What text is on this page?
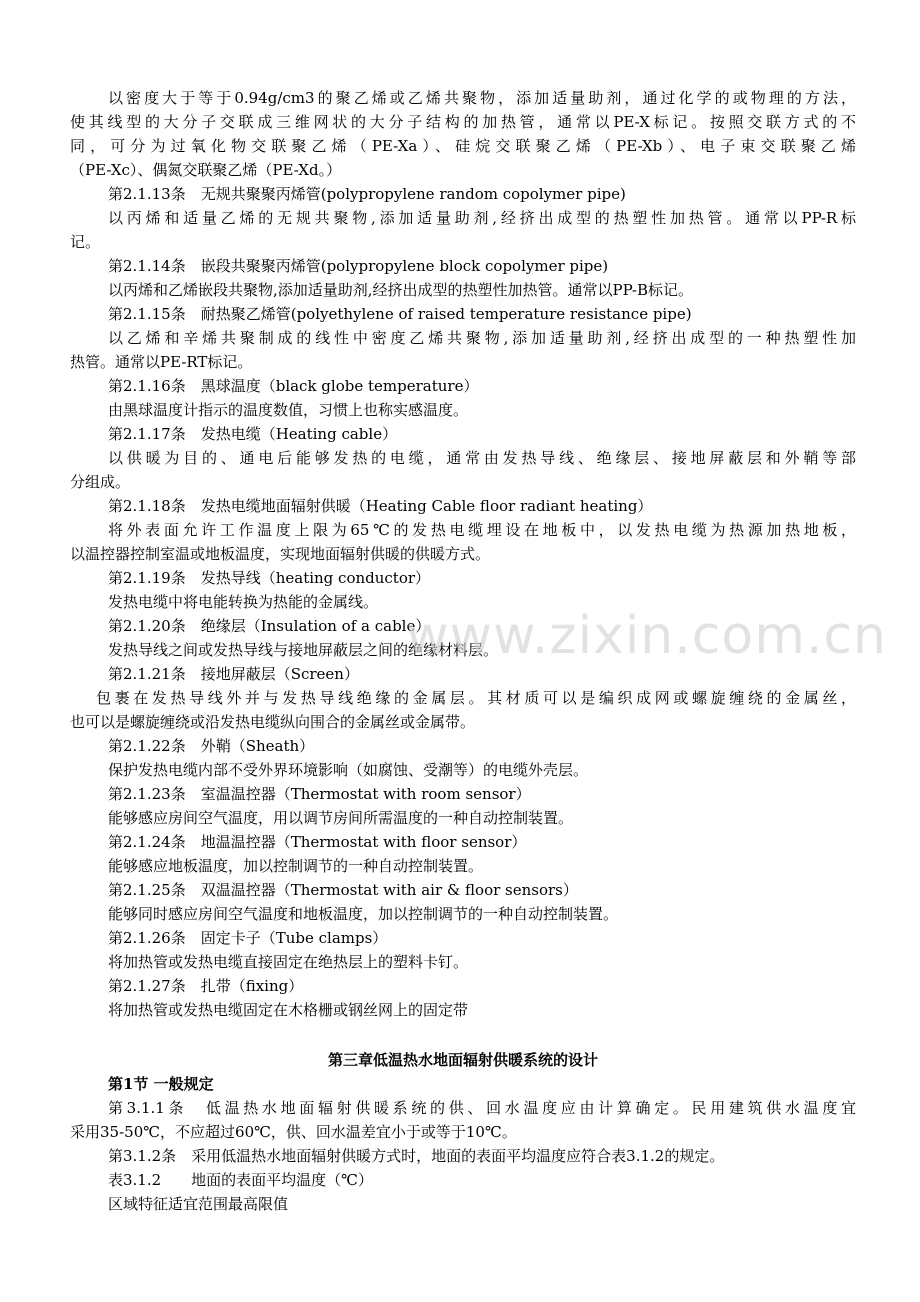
以密度大于等于0.94g/cm3的聚乙烯或乙烯共聚物，添加适量助剂，通过化学的或物理的方法，
使其线型的大分子交联成三维网状的大分子结构的加热管，通常以PE-X标记。按照交联方式的不
同，可分为过氧化物交联聚乙烯（PE-Xa）、硅烷交联聚乙烯（PE-Xb）、电子束交联聚乙烯
（PE-Xc）、偶氮交联聚乙烯（PE-Xd。）
第2.1.13条　无规共聚聚丙烯管(polypropylene random copolymer pipe)
以丙烯和适量乙烯的无规共聚物,添加适量助剂,经挤出成型的热塑性加热管。通常以PP-R标
记。
第2.1.14条　嵌段共聚聚丙烯管(polypropylene block copolymer pipe)
以丙烯和乙烯嵌段共聚物,添加适量助剂,经挤出成型的热塑性加热管。通常以PP-B标记。
第2.1.15条　耐热聚乙烯管(polyethylene of raised temperature resistance pipe)
以乙烯和辛烯共聚制成的线性中密度乙烯共聚物,添加适量助剂,经挤出成型的一种热塑性加
热管。通常以PE-RT标记。
第2.1.16条　黑球温度（black globe temperature）
由黑球温度计指示的温度数值，习惯上也称实感温度。
第2.1.17条　发热电缆（Heating cable）
以供暖为目的、通电后能够发热的电缆，通常由发热导线、绝缘层、接地屏蔽层和外鞘等部
分组成。
第2.1.18条　发热电缆地面辐射供暖（Heating Cable floor radiant heating）
将外表面允许工作温度上限为65℃的发热电缆埋设在地板中，以发热电缆为热源加热地板，
以温控器控制室温或地板温度，实现地面辐射供暖的供暖方式。
第2.1.19条　发热导线（heating conductor）
发热电缆中将电能转换为热能的金属线。
第2.1.20条　绝缘层（Insulation of a cable）
发热导线之间或发热导线与接地屏蔽层之间的绝缘材料层。
第2.1.21条　接地屏蔽层（Screen）
包裹在发热导线外并与发热导线绝缘的金属层。其材质可以是编织成网或螺旋缠绕的金属丝，
也可以是螺旋缠绕或沿发热电缆纵向围合的金属丝或金属带。
第2.1.22条　外鞘（Sheath）
保护发热电缆内部不受外界环境影响（如腐蚀、受潮等）的电缆外壳层。
第2.1.23条　室温温控器（Thermostat with room sensor）
能够感应房间空气温度，用以调节房间所需温度的一种自动控制装置。
第2.1.24条　地温温控器（Thermostat with floor sensor）
能够感应地板温度，加以控制调节的一种自动控制装置。
第2.1.25条　双温温控器（Thermostat with air & floor sensors）
能够同时感应房间空气温度和地板温度，加以控制调节的一种自动控制装置。
第2.1.26条　固定卡子（Tube clamps）
将加热管或发热电缆直接固定在绝热层上的塑料卡钉。
第2.1.27条　扎带（fixing）
将加热管或发热电缆固定在木格栅或钢丝网上的固定带
第三章低温热水地面辐射供暖系统的设计
第1节 一般规定
第3.1.1条　低温热水地面辐射供暖系统的供、回水温度应由计算确定。民用建筑供水温度宜
采用35-50℃，不应超过60℃，供、回水温差宜小于或等于10℃。
第3.1.2条　采用低温热水地面辐射供暖方式时，地面的表面平均温度应符合表3.1.2的规定。
表3.1.2　　地面的表面平均温度（℃）
区域特征适宜范围最高限值
www.zixin.com.cn
